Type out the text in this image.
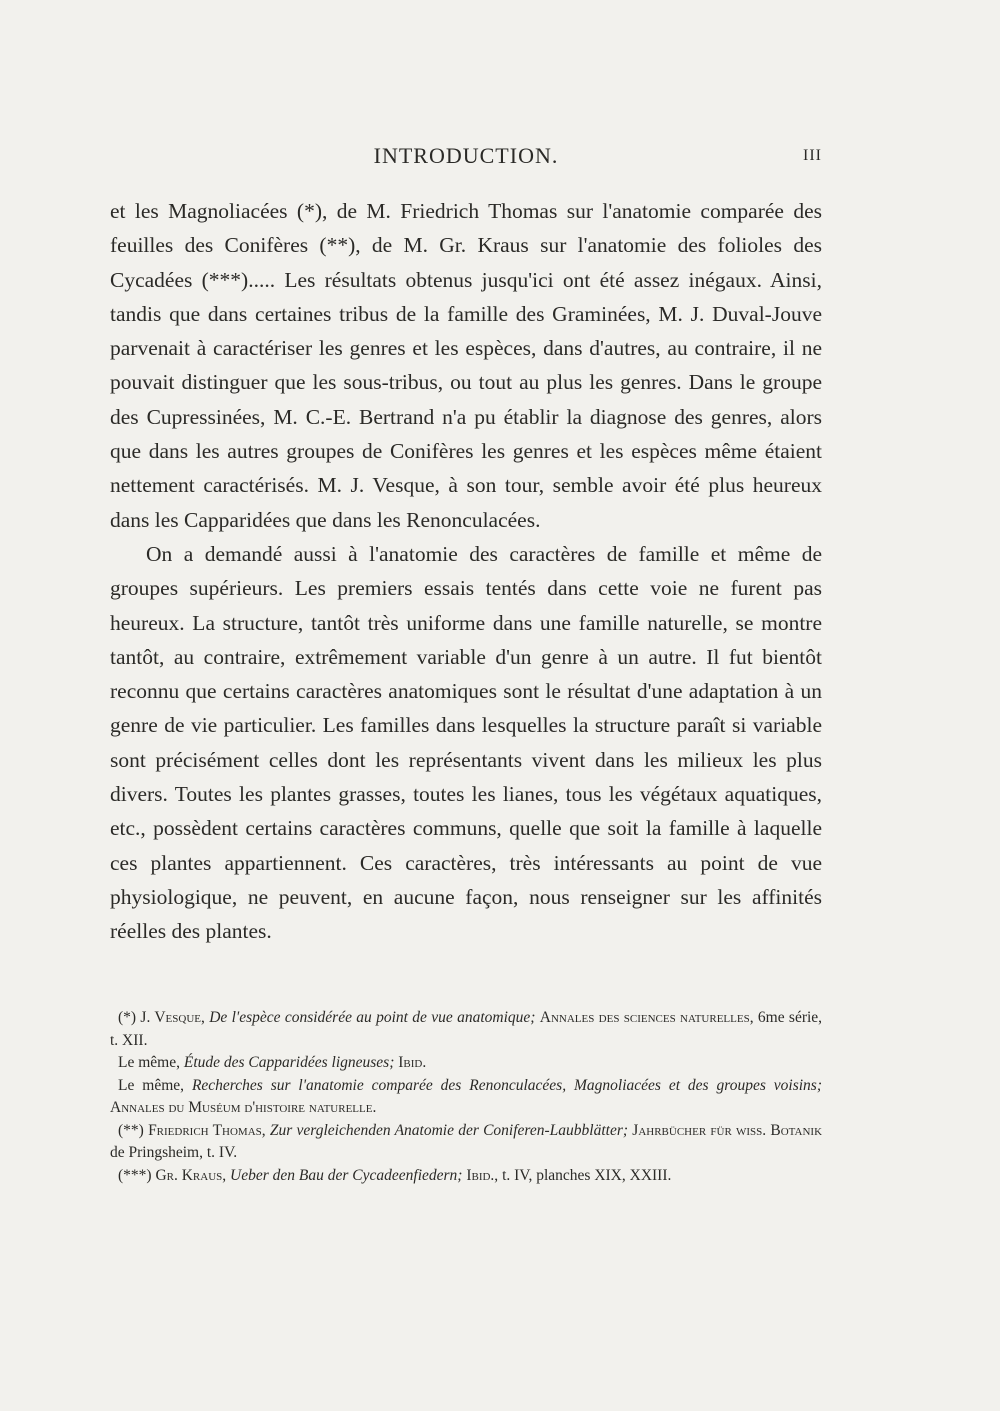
INTRODUCTION.	III

et les Magnoliacées (*), de M. Friedrich Thomas sur l'anatomie comparée des feuilles des Conifères (**), de M. Gr. Kraus sur l'anatomie des folioles des Cycadées (***)..... Les résultats obtenus jusqu'ici ont été assez inégaux. Ainsi, tandis que dans certaines tribus de la famille des Graminées, M. J. Duval-Jouve parvenait à caractériser les genres et les espèces, dans d'autres, au contraire, il ne pouvait distinguer que les sous-tribus, ou tout au plus les genres. Dans le groupe des Cupressinées, M. C.-E. Bertrand n'a pu établir la diagnose des genres, alors que dans les autres groupes de Conifères les genres et les espèces même étaient nettement caractérisés. M. J. Vesque, à son tour, semble avoir été plus heureux dans les Capparidées que dans les Renonculacées.

On a demandé aussi à l'anatomie des caractères de famille et même de groupes supérieurs. Les premiers essais tentés dans cette voie ne furent pas heureux. La structure, tantôt très uniforme dans une famille naturelle, se montre tantôt, au contraire, extrêmement variable d'un genre à un autre. Il fut bientôt reconnu que certains caractères anatomiques sont le résultat d'une adaptation à un genre de vie particulier. Les familles dans lesquelles la structure paraît si variable sont précisément celles dont les représentants vivent dans les milieux les plus divers. Toutes les plantes grasses, toutes les lianes, tous les végétaux aquatiques, etc., possèdent certains caractères communs, quelle que soit la famille à laquelle ces plantes appartiennent. Ces caractères, très intéressants au point de vue physiologique, ne peuvent, en aucune façon, nous renseigner sur les affinités réelles des plantes.

(*) J. Vesque, De l'espèce considérée au point de vue anatomique; Annales des sciences naturelles, 6me série, t. XII.

Le même, Étude des Capparidées ligneuses; Ibid.

Le même, Recherches sur l'anatomie comparée des Renonculacées, Magnoliacées et des groupes voisins; Annales du Muséum d'histoire naturelle.

(**) Friedrich Thomas, Zur vergleichenden Anatomie der Coniferen-Laubblätter; Jahrbücher für wiss. Botanik de Pringsheim, t. IV.

(***) Gr. Kraus, Ueber den Bau der Cycadeenfiedern; Ibid., t. IV, planches XIX, XXIII.
